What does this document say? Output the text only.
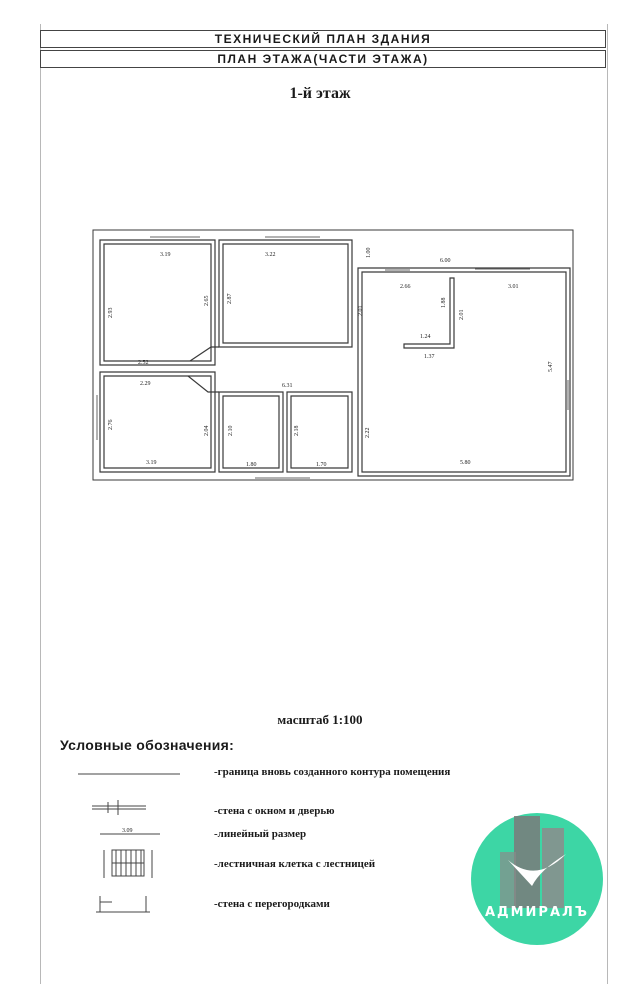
ТЕХНИЧЕСКИЙ ПЛАН ЗДАНИЯ
ПЛАН ЭТАЖА(ЧАСТИ ЭТАЖА)
1-й этаж
3.19	3.22	1.00
6.00
2.66	3.01
1.88
2.93
2.65	2.87
2.01	2.01
1.24
1.37
2.52	5.47
2.29	6.31
2.76
2.04	2.10	2.18	2.22
3.19	1.80	1.70	5.80
масштаб 1:100
Условные обозначения:
3.09
-граница вновь созданного контура помещения
-стена с окном и дверью
-линейный размер
-лестничная клетка с лестницей
-стена с перегородками
АДМИРАЛЪ
